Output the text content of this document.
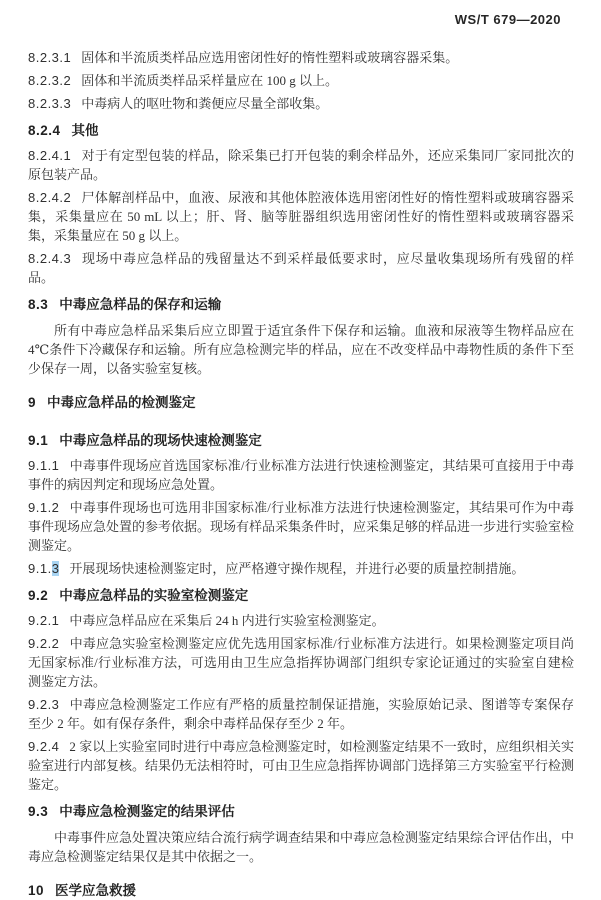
WS/T 679—2020

8.2.3.1 固体和半流质类样品应选用密闭性好的惰性塑料或玻璃容器采集。

8.2.3.2 固体和半流质类样品采样量应在 100 g 以上。

8.2.3.3 中毒病人的呕吐物和粪便应尽量全部收集。

8.2.4 其他

8.2.4.1 对于有定型包装的样品，除采集已打开包装的剩余样品外，还应采集同厂家同批次的原包装产品。

8.2.4.2 尸体解剖样品中，血液、尿液和其他体腔液体选用密闭性好的惰性塑料或玻璃容器采集，采集量应在 50 mL 以上；肝、肾、脑等脏器组织选用密闭性好的惰性塑料或玻璃容器采集，采集量应在 50 g 以上。

8.2.4.3 现场中毒应急样品的残留量达不到采样最低要求时，应尽量收集现场所有残留的样品。

8.3 中毒应急样品的保存和运输

所有中毒应急样品采集后应立即置于适宜条件下保存和运输。血液和尿液等生物样品应在4℃条件下冷藏保存和运输。所有应急检测完毕的样品，应在不改变样品中毒物性质的条件下至少保存一周，以备实验室复核。

9 中毒应急样品的检测鉴定

9.1 中毒应急样品的现场快速检测鉴定

9.1.1 中毒事件现场应首选国家标准/行业标准方法进行快速检测鉴定，其结果可直接用于中毒事件的病因判定和现场应急处置。

9.1.2 中毒事件现场也可选用非国家标准/行业标准方法进行快速检测鉴定，其结果可作为中毒事件现场应急处置的参考依据。现场有样品采集条件时，应采集足够的样品进一步进行实验室检测鉴定。

9.1.3 开展现场快速检测鉴定时，应严格遵守操作规程，并进行必要的质量控制措施。

9.2 中毒应急样品的实验室检测鉴定

9.2.1 中毒应急样品应在采集后 24 h 内进行实验室检测鉴定。

9.2.2 中毒应急实验室检测鉴定应优先选用国家标准/行业标准方法进行。如果检测鉴定项目尚无国家标准/行业标准方法，可选用由卫生应急指挥协调部门组织专家论证通过的实验室自建检测鉴定方法。

9.2.3 中毒应急检测鉴定工作应有严格的质量控制保证措施，实验原始记录、图谱等专案保存至少 2 年。如有保存条件，剩余中毒样品保存至少 2 年。

9.2.4 2 家以上实验室同时进行中毒应急检测鉴定时，如检测鉴定结果不一致时，应组织相关实验室进行内部复核。结果仍无法相符时，可由卫生应急指挥协调部门选择第三方实验室平行检测鉴定。

9.3 中毒应急检测鉴定的结果评估

中毒事件应急处置决策应结合流行病学调查结果和中毒应急检测鉴定结果综合评估作出，中毒应急检测鉴定结果仅是其中依据之一。

10 医学应急救援
